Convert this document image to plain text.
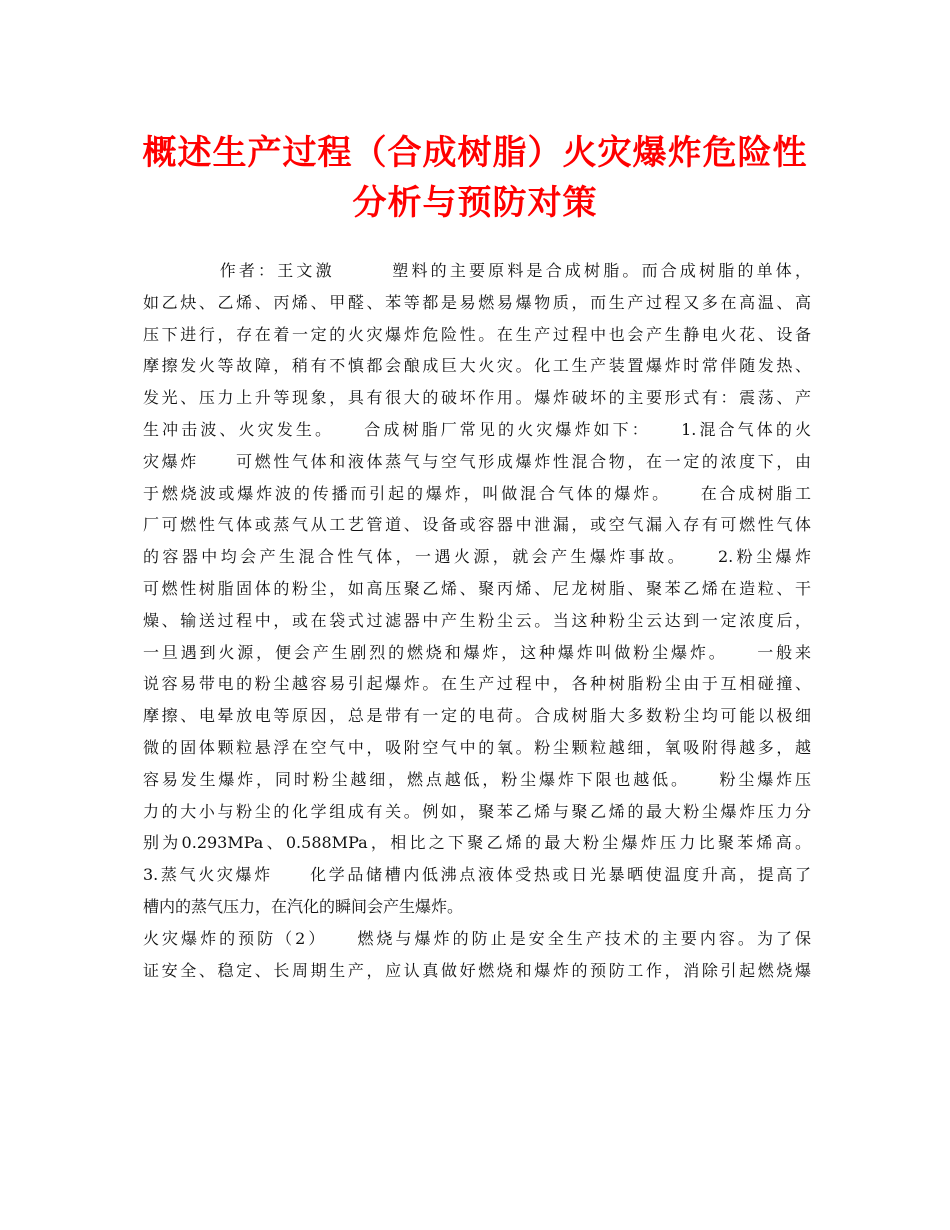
概述生产过程（合成树脂）火灾爆炸危险性
分析与预防对策
　　　　作者：王文激　　　塑料的主要原料是合成树脂。而合成树脂的单体，
如乙炔、乙烯、丙烯、甲醛、苯等都是易燃易爆物质，而生产过程又多在高温、高
压下进行，存在着一定的火灾爆炸危险性。在生产过程中也会产生静电火花、设备
摩擦发火等故障，稍有不慎都会酿成巨大火灾。化工生产装置爆炸时常伴随发热、
发光、压力上升等现象，具有很大的破坏作用。爆炸破坏的主要形式有：震荡、产
生冲击波、火灾发生。　　合成树脂厂常见的火灾爆炸如下：　　1.混合气体的火
灾爆炸　　可燃性气体和液体蒸气与空气形成爆炸性混合物，在一定的浓度下，由
于燃烧波或爆炸波的传播而引起的爆炸，叫做混合气体的爆炸。　　在合成树脂工
厂可燃性气体或蒸气从工艺管道、设备或容器中泄漏，或空气漏入存有可燃性气体
的容器中均会产生混合性气体，一遇火源，就会产生爆炸事故。　　2.粉尘爆炸
可燃性树脂固体的粉尘，如高压聚乙烯、聚丙烯、尼龙树脂、聚苯乙烯在造粒、干
燥、输送过程中，或在袋式过滤器中产生粉尘云。当这种粉尘云达到一定浓度后，
一旦遇到火源，便会产生剧烈的燃烧和爆炸，这种爆炸叫做粉尘爆炸。　　一般来
说容易带电的粉尘越容易引起爆炸。在生产过程中，各种树脂粉尘由于互相碰撞、
摩擦、电晕放电等原因，总是带有一定的电荷。合成树脂大多数粉尘均可能以极细
微的固体颗粒悬浮在空气中，吸附空气中的氧。粉尘颗粒越细，氧吸附得越多，越
容易发生爆炸，同时粉尘越细，燃点越低，粉尘爆炸下限也越低。　　粉尘爆炸压
力的大小与粉尘的化学组成有关。例如，聚苯乙烯与聚乙烯的最大粉尘爆炸压力分
别为0.293MPa、0.588MPa，相比之下聚乙烯的最大粉尘爆炸压力比聚苯烯高。
3.蒸气火灾爆炸　　化学品储槽内低沸点液体受热或日光暴晒使温度升高，提高了
槽内的蒸气压力，在汽化的瞬间会产生爆炸。
火灾爆炸的预防（2）　　燃烧与爆炸的防止是安全生产技术的主要内容。为了保
证安全、稳定、长周期生产，应认真做好燃烧和爆炸的预防工作，消除引起燃烧爆
